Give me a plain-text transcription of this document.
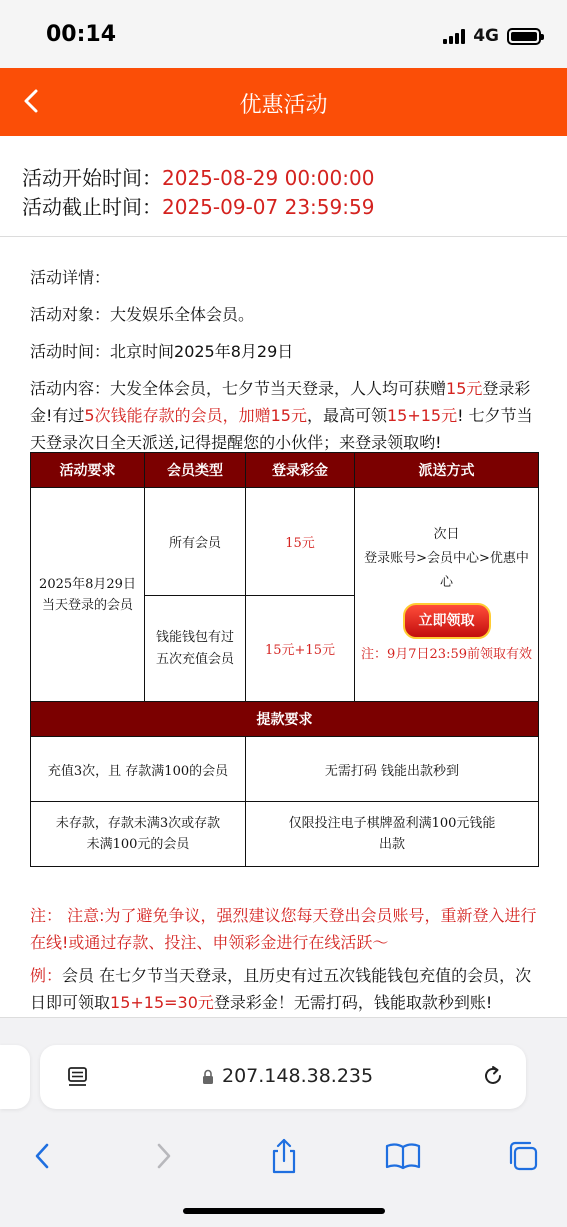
00:14	4G
优惠活动
活动开始时间：2025-08-29 00:00:00
活动截止时间：2025-09-07 23:59:59

活动详情：

活动对象：大发娱乐全体会员。

活动时间：北京时间2025年8月29日

活动内容：大发全体会员，七夕节当天登录，人人均可获赠15元登录彩金!有过5次钱能存款的会员，加赠15元，最高可领15+15元! 七夕节当天登录次日全天派送,记得提醒您的小伙伴；来登录领取哟!

活动要求	会员类型	登录彩金	派送方式
2025年8月29日当天登录的会员	所有会员	15元	次日
登录账号>会员中心>优惠中心
立即领取
注：9月7日23:59前领取有效

	钱能钱包有过五次充值会员	15元+15元	
提款要求			
充值3次，且 存款满100的会员		无需打码 钱能出款秒到	
未存款，存款未满3次或存款未满100元的会员		仅限投注电子棋牌盈利满100元钱能出款	

注： 注意:为了避免争议，强烈建议您每天登出会员账号，重新登入进行在线!或通过存款、投注、申领彩金进行在线活跃～

例：会员 在七夕节当天登录，且历史有过五次钱能钱包充值的会员，次日即可领取15+15=30元登录彩金！无需打码，钱能取款秒到账!

207.148.38.235
